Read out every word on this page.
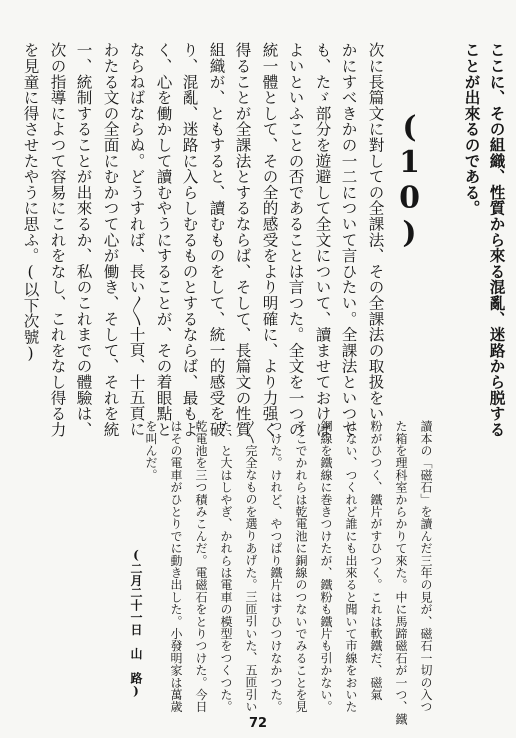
ここに、その組織、性質から來る混亂、迷路から脱する

ことが出來るのである。

(10)

次に長篇文に對しての全課法、その全課法の取扱をい

かにすべきかの一二について言ひたい。全課法といつて

も、たゞ部分を遊避して全文について、讀ませておけば

よいといふことの否であることは言つた。全文を一つの

統一體として、その全的感受をより明確に、より力强く

得ることが全課法とするならば、そして、長篇文の性質

組織が、ともすると、讀むものをして、統一的感受を破

り、混亂、迷路に入らしむるものとするならば、最もよ

く、心を働かして讀むやうにすることが、その着眼點と

ならねばならぬ。どうすれば、長い〳〵十頁、十五頁に

わたる文の全面にむかつて心が働き、そして、それを統

一、統制することが出來るか、私のこれまでの體驗は、

次の指導によつて容易にこれをなし、これをなし得る力

を見童に得させたやうに思ふ。(以下次號)

讀本の「磁石」を讀んだ三年の見が、磁石一切の入つ

た箱を理科室からかりて來た。中に馬蹄磁石が一つ、鐵

粉がひつく、鐵片がすひつく。これは軟鐵だ、磁氣

はない、つくれど誰にも出來ると聞いて市線をおいた

銅線を鐵線に巻きつけたが、鐵粉も鐵片も引かない。

そこでかれらは乾電池に銅線のつないでみることを見

つけた。けれど、やつぱり鐵片はすひつけなかつた。

〳〵完全なものを選りあげた。三匝引いた、五匝引い

た、と大はしやぎ、かれらは電車の模型をつくつた。

乾電池を三つ積みこんだ。電磁石をとりつけた。今日

はその電車がひとりでに動き出した。小發明家は萬歳

を叫んだ。

(二月二十一日　山　路)

72
